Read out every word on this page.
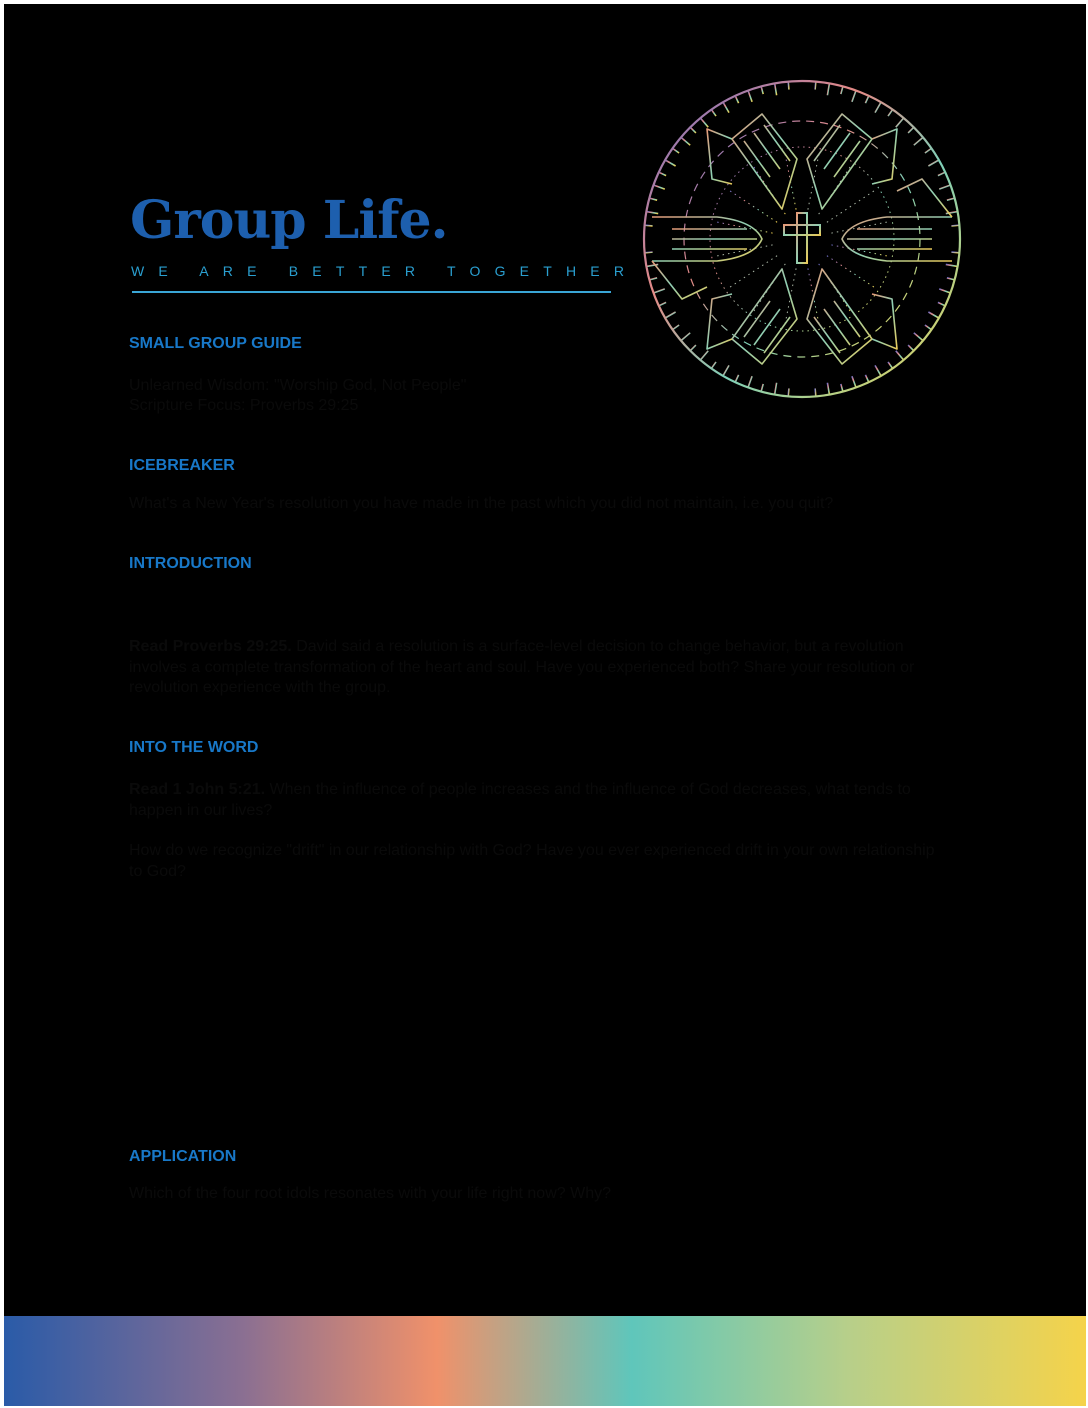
Group Life.
WE ARE BETTER TOGETHER
SMALL GROUP GUIDE

Unlearned Wisdom: "Worship God, Not People"

Scripture Focus: Proverbs 29:25

ICEBREAKER

What's a New Year's resolution you have made in the past which you did not maintain, i.e. you quit?

INTRODUCTION

Read Proverbs 29:25. David said a resolution is a surface-level decision to change behavior, but a revolution involves a complete transformation of the heart and soul. Have you experienced both? Share your resolution or revolution experience with the group.

INTO THE WORD

Read 1 John 5:21. When the influence of people increases and the influence of God decreases, what tends to happen in our lives?

How do we recognize "drift" in our relationship with God? Have you ever experienced drift in your own relationship to God?

APPLICATION

Which of the four root idols resonates with your life right now? Why?
